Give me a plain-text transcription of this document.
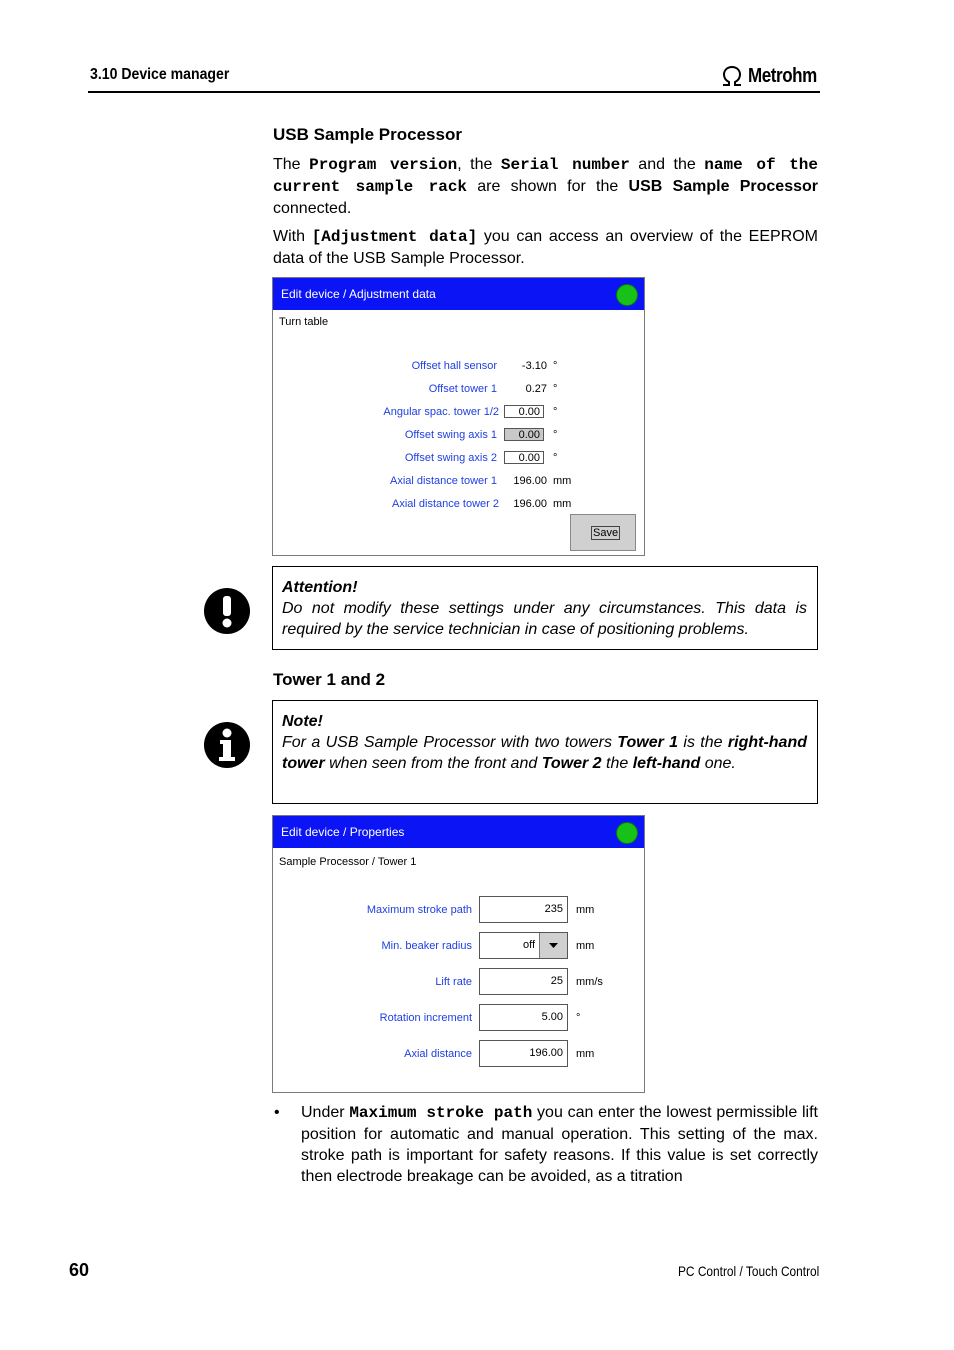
3.10 Device manager	Metrohm
USB Sample Processor
The Program version, the Serial number and the name of the current sample rack are shown for the USB Sample Processor connected.
With [Adjustment data] you can access an overview of the EEPROM data of the USB Sample Processor.
Edit device / Adjustment data
Turn table
Offset hall sensor -3.10 °
Offset tower 1	0.27 °
Angular spac. tower 1/2	0.00	°
Offset swing axis 1	0.00	°
Offset swing axis 2	0.00	°
Axial distance tower 1 196.00 mm
Axial distance tower 2 196.00 mm
Save
Attention!
Do not modify these settings under any circumstances. This data is required by the service technician in case of positioning problems.
Tower 1 and 2
Note!
For a USB Sample Processor with two towers Tower 1 is the right-hand tower when seen from the front and Tower 2 the left-hand one.
Edit device / Properties
Sample Processor / Tower 1
Maximum stroke path	235	mm
Min. beaker radius	off	mm
Lift rate	25	mm/s
Rotation increment	5.00	°
Axial distance	196.00	mm
• Under Maximum stroke path you can enter the lowest permissible lift position for automatic and manual operation. This setting of the max. stroke path is important for safety reasons. If this value is set correctly then electrode breakage can be avoided, as a titration
60	PC Control / Touch Control
